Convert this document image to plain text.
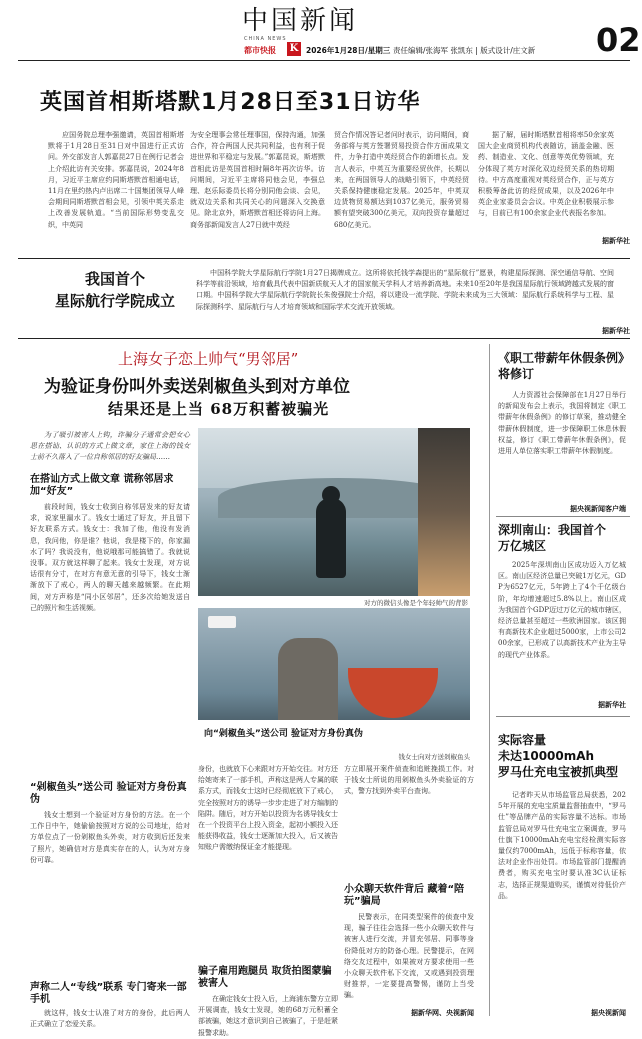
中国新闻
CHINA NEWS
K
都市快报	2026年1月28日/星期三 责任编辑/张海军 张凯东 | 版式设计/庄文新 02
英国首相斯塔默1月28日至31日访华
应国务院总理李强邀请，英国首相斯塔默将于1月28日至31日对中国进行正式访问。外交部发言人郭嘉昆27日在例行记者会上介绍此访有关安排。郭嘉昆说，2024年8月，习近平主席应约同斯塔默首相通电话，11月在里约热内卢出席二十国集团领导人峰会期间同斯塔默首相会见，引领中英关系走上改善发展轨道。“当前国际形势变乱交织，中英同
为安全理事会常任理事国，保持沟通，加强合作，符合两国人民共同利益，也有利于促进世界和平稳定与发展。”郭嘉昆说，斯塔默首相此访是英国首相时隔8年再次访华。访问期间，习近平主席将同他会见，李强总理、赵乐际委员长将分别同他会谈、会见，就双边关系和共同关心的问题深入交换意见。除北京外，斯塔默首相还将访问上海。商务部新闻发言人27日就中英经
贸合作情况答记者问时表示，访问期间，商务部将与英方签署贸易投资合作方面成果文件，力争打造中英经贸合作的新增长点。发言人表示，中英互为重要经贸伙伴，长期以来，在两国领导人的战略引领下，中英经贸关系保持健康稳定发展。2025年，中英双边货物贸易额达到1037亿美元，服务贸易额有望突破300亿美元，双向投资存量超过680亿美元。
据了解，届时斯塔默首相将率50余家英国大企业商贸机构代表随访，涵盖金融、医药、制造业、文化、创意等英优势领域，充分体现了英方对深化双边经贸关系的热切期待。中方高度重视对英经贸合作，正与英方积极筹备此访的经贸成果，以及2026年中英企业家委员会会议。中英企业积极展示参与，目前已有100余家企业代表报名参加。
据新华社
我国首个
星际航行学院成立
中国科学院大学星际航行学院1月27日揭牌成立。这所将依托钱学森提出的“星际航行”愿景，构建星际探测、深空通信导航、空间科学等前沿领域，培育截具代表中国新质航天人才的国家航天学科人才培养新高地。未来10至20年是我国星际航行领域跨越式发展的窗口期。中国科学院大学星际航行学院院长朱俊强院士介绍，将以建设一流学院、学院未来成为三大领域：星际航行系统科学与工程、星际探测科学、星际航行与人才培育领域和国际学术交流开放领域。
据新华社
上海女子恋上帅气“男邻居”
为验证身份叫外卖送剁椒鱼头到对方单位
结果还是上当 68万积蓄被骗光
为了吸引被害人上钩，诈骗分子通常会把女心思在搭讪、认识的方式上做文章，家住上海的钱女士前不久落入了一位自称邻居的好友骗局……
在搭讪方式上做文章 谎称邻居求加“好友”
前段时间，钱女士收到自称邻居发来的好友请求，说家里漏水了。钱女士通过了好友，并且留下好友联系方式。钱女士：我加了他，他没有发消息，我问他，你是谁？他说，我是楼下的，你家漏水了吗？我说没有，他说哦那可能搞错了。我就说没事。双方就这样聊了起来。钱女士发现，对方说话很有分寸，在对方有意无意的引导下，钱女士渐渐放下了戒心，两人的聊天越来越频繁。在此期间，对方声称是“同小区邻居”，还多次给她发送自己的照片和生活视频。
“剁椒鱼头”送公司 验证对方身份真伪
钱女士想到一个验证对方身份的方法。在一个工作日中午，她偷偷按照对方说的公司地址，给对方单位点了一份剁椒鱼头外卖，对方收到后还发来了照片，她确信对方是真实存在的人，认为对方身份可靠。
声称二人“专线”联系 专门寄来一部手机
就这样，钱女士认准了对方的身份，此后两人正式确立了恋爱关系。
对方的微信头像是个年轻帅气的背影
向“剁椒鱼头”送公司 验证对方身份真伪
钱女士向对方送剁椒鱼头
身份，也就放下心来跟对方开始交往。对方还给她寄来了一部手机，声称这是两人专属的联系方式，而钱女士这时已经彻底放下了戒心，完全按照对方的诱导一步步走进了对方编制的陷阱。随后，对方开始以投资为名诱导钱女士在一个投资平台上投入资金，起初小额投入还能获得收益，钱女士逐渐加大投入，后又被告知账户需缴纳保证金才能提现。
骗子雇用跑腿员 取货拍图蒙骗被害人
在确定钱女士投入后，上海浦东警方立即开展调查，钱女士发现，她的68万元积蓄全部被骗，她这才意识到自己被骗了，于是赶紧报警求助。
方立即展开案件侦查和追赃挽损工作。对于钱女士所说的用剁椒鱼头外卖验证的方式，警方找到外卖平台查询。
小众聊天软件背后 藏着“陪玩”骗局
民警表示，在同类型案件的侦查中发现，骗子往往会选择一些小众聊天软件与被害人进行交流，并冒充邻居、同事等身份降低对方的防备心理。民警提示，在网络交友过程中，如果被对方要求使用一些小众聊天软件私下交流，又或遇到投资理财推荐，一定要提高警惕，谨防上当受骗。
据新华网、央视新闻
《职工带薪年休假条例》将修订
人力资源社会保障部在1月27日举行的新闻发布会上表示，我国将制定《职工带薪年休假条例》的修订草案，推动健全带薪休假制度，进一步保障职工休息休假权益，修订《职工带薪年休假条例》，促进用人单位落实职工带薪年休假制度。
据央视新闻客户端
深圳南山：我国首个万亿城区
2025年深圳南山区成功迈入万亿城区。南山区经济总量已突破1万亿元，GDP为6527亿元，5年跨上了4个千亿级台阶，年均增速超过5.8%以上。南山区成为我国首个GDP迈过万亿元的城市辖区，经济总量甚至超过一些欧洲国家。该区拥有高新技术企业超过5000家，上市公司200余家，已形成了以高新技术产业为主导的现代产业体系。
据新华社
实际容量
未达10000mAh
罗马仕充电宝被抓典型
记者昨天从市场监管总局获悉，2025年开展的充电宝质量监督抽查中，“罗马仕”等品牌产品的实际容量不达标。市场监管总局对罗马仕充电宝立案调查，罗马仕旗下10000mAh充电宝经检测实际容量仅约7000mAh，远低于标称容量，依法对企业作出处罚。市场监管部门提醒消费者，购买充电宝时要认准3C认证标志，选择正规渠道购买，谨慎对待低价产品。
据央视新闻
